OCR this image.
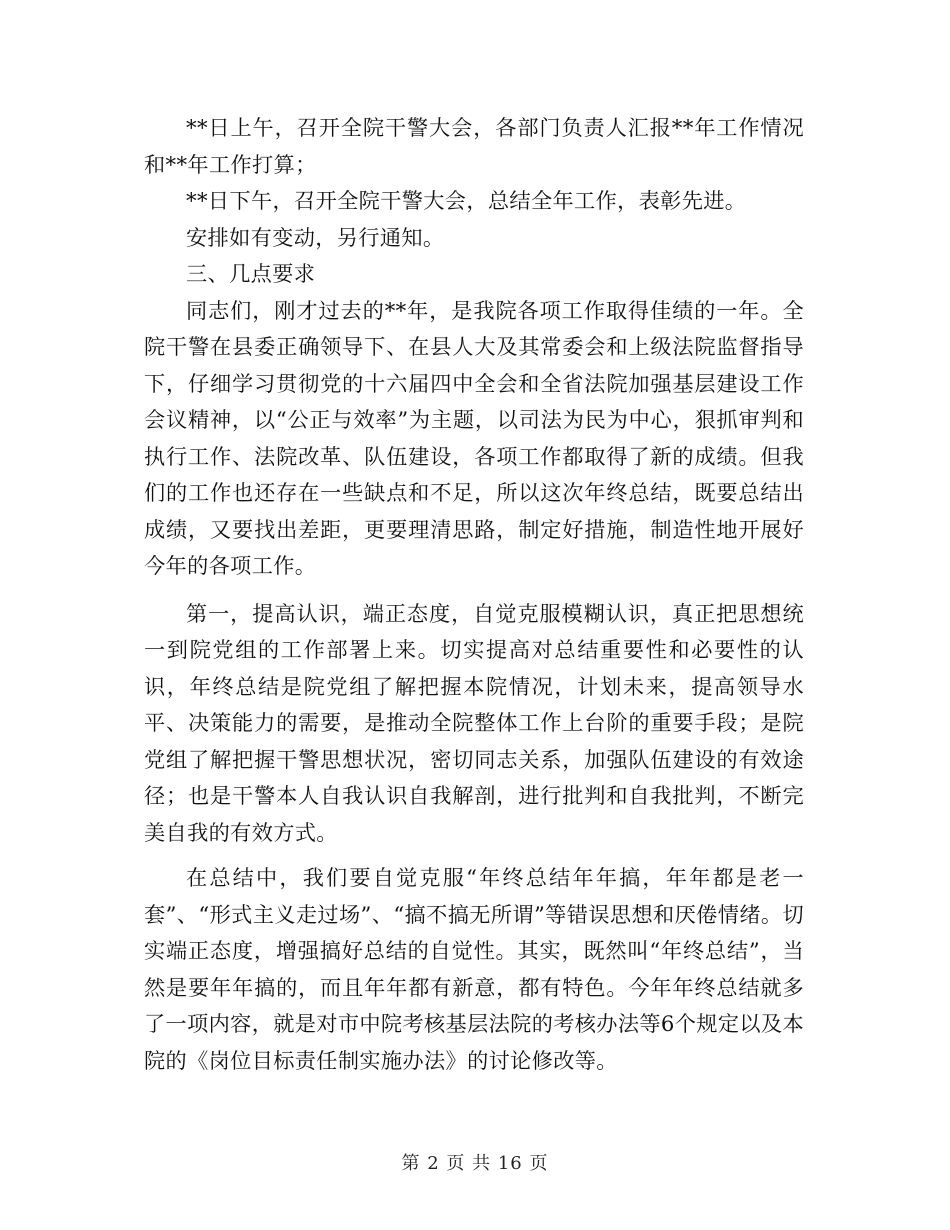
**日上午，召开全院干警大会，各部门负责人汇报**年工作情况和**年工作打算；

**日下午，召开全院干警大会，总结全年工作，表彰先进。

安排如有变动，另行通知。

三、几点要求

同志们，刚才过去的**年，是我院各项工作取得佳绩的一年。全院干警在县委正确领导下、在县人大及其常委会和上级法院监督指导下，仔细学习贯彻党的十六届四中全会和全省法院加强基层建设工作会议精神，以“公正与效率”为主题，以司法为民为中心，狠抓审判和执行工作、法院改革、队伍建设，各项工作都取得了新的成绩。但我们的工作也还存在一些缺点和不足，所以这次年终总结，既要总结出成绩，又要找出差距，更要理清思路，制定好措施，制造性地开展好今年的各项工作。

第一，提高认识，端正态度，自觉克服模糊认识，真正把思想统一到院党组的工作部署上来。切实提高对总结重要性和必要性的认识，年终总结是院党组了解把握本院情况，计划未来，提高领导水平、决策能力的需要，是推动全院整体工作上台阶的重要手段；是院党组了解把握干警思想状况，密切同志关系，加强队伍建设的有效途径；也是干警本人自我认识自我解剖，进行批判和自我批判，不断完美自我的有效方式。

在总结中，我们要自觉克服“年终总结年年搞，年年都是老一套”、“形式主义走过场”、“搞不搞无所谓”等错误思想和厌倦情绪。切实端正态度，增强搞好总结的自觉性。其实，既然叫“年终总结”，当然是要年年搞的，而且年年都有新意，都有特色。今年年终总结就多了一项内容，就是对市中院考核基层法院的考核办法等6个规定以及本院的《岗位目标责任制实施办法》的讨论修改等。

第 2 页 共 16 页
